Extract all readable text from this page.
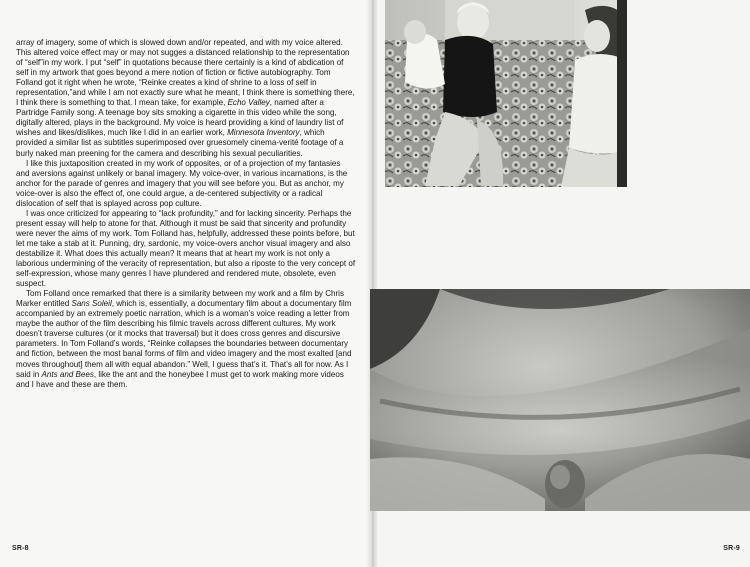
array of imagery, some of which is slowed down and/or repeated, and with my voice altered. This altered voice effect may or may not sugges a distanced relationship to the representation of “self”in my work. I put “self” in quotations because there certainly is a kind of abdication of self in my artwork that goes beyond a mere notion of fiction or fictive autobiography. Tom Folland got it right when he wrote, “Reinke creates a kind of shrine to a loss of self in representation,”and while I am not exactly sure what he meant, I think there is something there, I think there is something to that. I mean take, for example, Echo Valley, named after a Partridge Family song. A teenage boy sits smoking a cigarette in this video while the song, digitally altered, plays in the background. My voice is heard providing a kind of laundry list of wishes and likes/dislikes, much like I did in an earlier work, Minnesota Inventory, which provided a similar list as subtitles superimposed over gruesomely cinema-verité footage of a burly naked man preening for the camera and describing his sexual peculiarities.

I like this juxtaposition created in my work of opposites, or of a projection of my fantasies and aversions against unlikely or banal imagery. My voice-over, in various incarnations, is the anchor for the parade of genres and imagery that you will see before you. But as anchor, my voice-over is also the effect of, one could argue, a de-centered subjectivity or a radical dislocation of self that is splayed across pop culture.

I was once criticized for appearing to “lack profundity,” and for lacking sincerity. Perhaps the present essay will help to atone for that. Although it must be said that sincerity and profundity were never the aims of my work. Tom Folland has, helpfully, addressed these points before, but let me take a stab at it. Punning, dry, sardonic, my voice-overs anchor visual imagery and also destabilize it. What does this actually mean? It means that at heart my work is not only a laborious undermining of the veracity of representation, but also a riposte to the very concept of self-expression, whose many genres I have plundered and rendered mute, obsolete, even suspect.

Tom Folland once remarked that there is a similarity between my work and a film by Chris Marker entitled Sans Soleil, which is, essentially, a documentary film about a documentary film accompanied by an extremely poetic narration, which is a woman’s voice reading a letter from maybe the author of the film describing his filmic travels across different cultures. My work doesn’t traverse cultures (or it mocks that traversal) but it does cross genres and discursive parameters. In Tom Folland’s words, “Reinke collapses the boundaries between documentary and fiction, between the most banal forms of film and video imagery and the most exalted [and moves throughout] them all with equal abandon.” Well, I guess that’s it. That’s all for now. As I said in Ants and Bees, like the ant and the honeybee I must get to work making more videos and I have and these are them.

SR-8	SR-9
